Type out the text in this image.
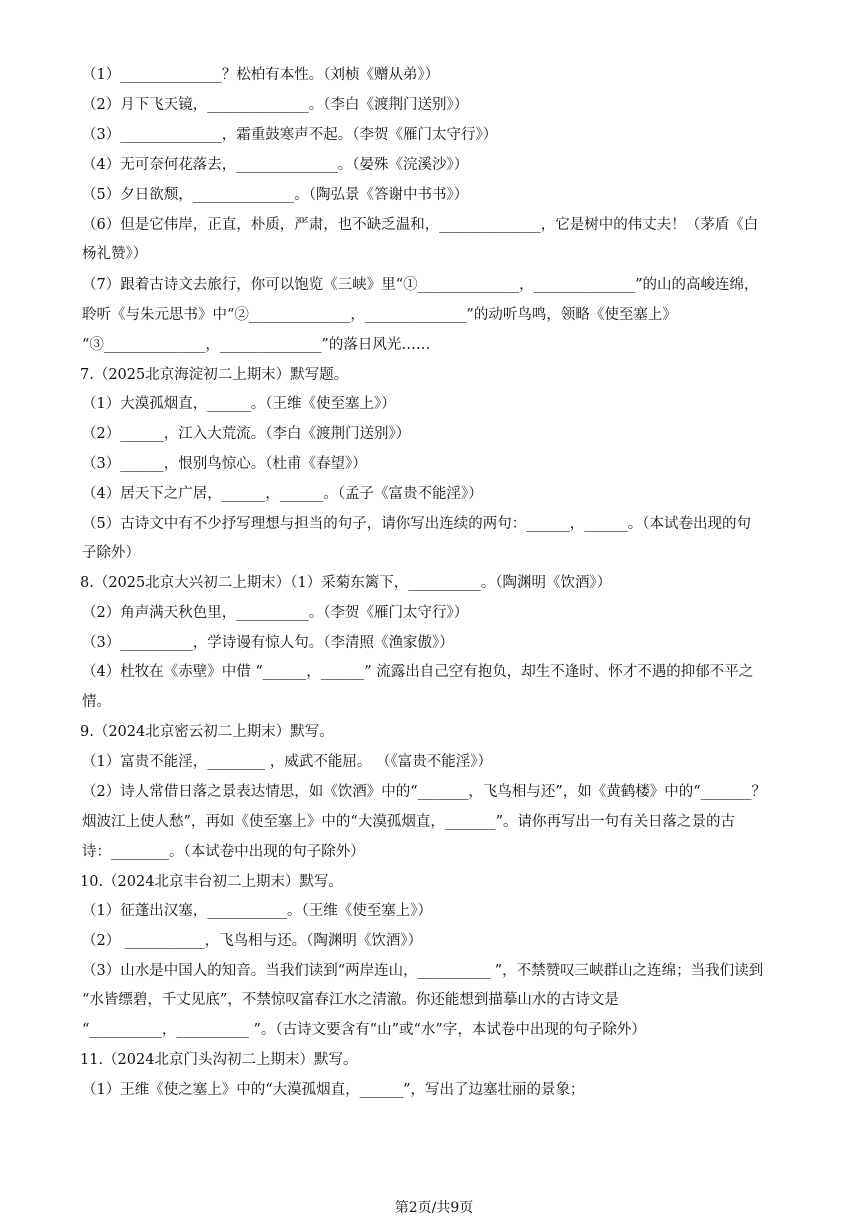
（1）______________？松柏有本性。（刘桢《赠从弟》）
（2）月下飞天镜，______________。（李白《渡荆门送别》）
（3）______________，霜重鼓寒声不起。（李贺《雁门太守行》）
（4）无可奈何花落去，______________。（晏殊《浣溪沙》）
（5）夕日欲颓，______________。（陶弘景《答谢中书书》）
（6）但是它伟岸，正直，朴质，严肃，也不缺乏温和，______________，它是树中的伟丈夫！（茅盾《白
杨礼赞》）
（7）跟着古诗文去旅行，你可以饱览《三峡》里“①______________，______________”的山的高峻连绵，
聆听《与朱元思书》中“②______________，______________”的动听鸟鸣，领略《使至塞上》
“③______________，______________”的落日风光……
7.（2025北京海淀初二上期末）默写题。
（1）大漠孤烟直，______。（王维《使至塞上》）
（2）______，江入大荒流。（李白《渡荆门送别》）
（3）______，恨别鸟惊心。（杜甫《春望》）
（4）居天下之广居，______，______。（孟子《富贵不能淫》）
（5）古诗文中有不少抒写理想与担当的句子，请你写出连续的两句：______，______。（本试卷出现的句
子除外）
8.（2025北京大兴初二上期末）（1）采菊东篱下，__________。（陶渊明《饮酒》）
（2）角声满天秋色里，__________。（李贺《雁门太守行》）
（3）__________，学诗谩有惊人句。（李清照《渔家傲》）
（4）杜牧在《赤壁》中借 “______，______” 流露出自己空有抱负，却生不逢时、怀才不遇的抑郁不平之
情。
9.（2024北京密云初二上期末）默写。
（1）富贵不能淫，________ ，威武不能屈。 （《富贵不能淫》）
（2）诗人常借日落之景表达情思，如《饮酒》中的“_______，飞鸟相与还”，如《黄鹤楼》中的“_______？
烟波江上使人愁”，再如《使至塞上》中的“大漠孤烟直，_______”。请你再写出一句有关日落之景的古
诗：________。（本试卷中出现的句子除外）
10.（2024北京丰台初二上期末）默写。
（1）征蓬出汉塞，___________。（王维《使至塞上》）
（2） ___________，飞鸟相与还。（陶渊明《饮酒》）
（3）山水是中国人的知音。当我们读到“两岸连山，__________ ”，不禁赞叹三峡群山之连绵；当我们读到
“水皆缥碧，千丈见底”，不禁惊叹富春江水之清澈。你还能想到描摹山水的古诗文是
“__________，__________ ”。（古诗文要含有“山”或“水”字，本试卷中出现的句子除外）
11.（2024北京门头沟初二上期末）默写。
（1）王维《使之塞上》中的“大漠孤烟直，______”，写出了边塞壮丽的景象；
第2页/共9页
